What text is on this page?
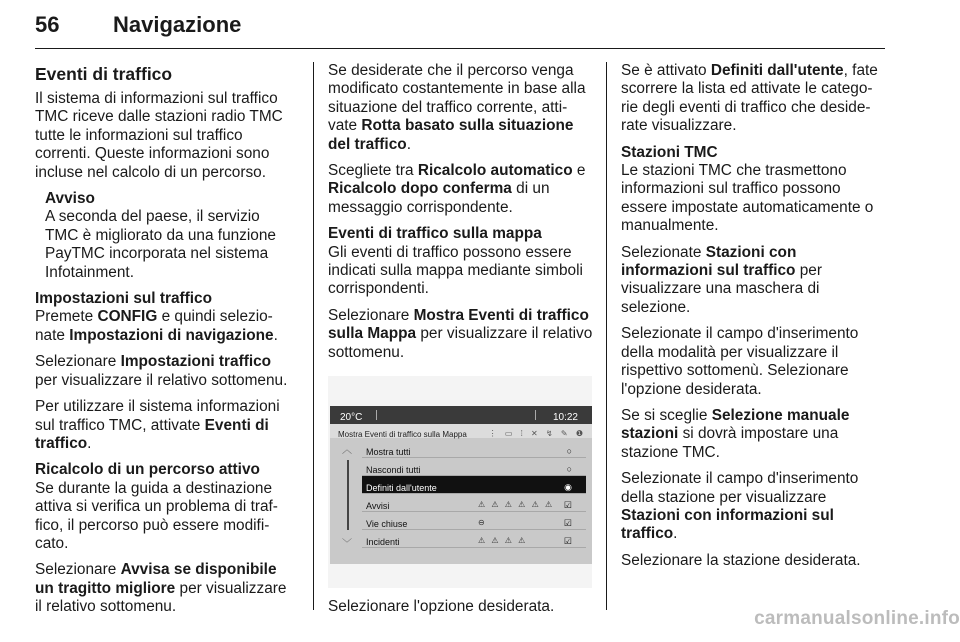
56 Navigazione
Eventi di traffico

Il sistema di informazioni sul traffico TMC riceve dalle stazioni radio TMC tutte le informazioni sul traffico correnti. Queste informazioni sono incluse nel calcolo di un percorso.

Avviso

A seconda del paese, il servizio TMC è migliorato da una funzione PayTMC incorporata nel sistema Infotainment.

Impostazioni sul traffico

Premete CONFIG e quindi selezio-nate Impostazioni di navigazione.

Selezionare Impostazioni traffico per visualizzare il relativo sottomenu.

Per utilizzare il sistema informazioni sul traffico TMC, attivate Eventi di traffico.

Ricalcolo di un percorso attivo

Se durante la guida a destinazione attiva si verifica un problema di traf-fico, il percorso può essere modifi-cato.

Selezionare Avvisa se disponibile un tragitto migliore per visualizzare il relativo sottomenu.

Se desiderate che il percorso venga modificato costantemente in base alla situazione del traffico corrente, atti-vate Rotta basato sulla situazione del traffico.

Scegliete tra Ricalcolo automatico e Ricalcolo dopo conferma di un messaggio corrispondente.

Eventi di traffico sulla mappa

Gli eventi di traffico possono essere indicati sulla mappa mediante simboli corrispondenti.

Selezionare Mostra Eventi di traffico sulla Mappa per visualizzare il relativo sottomenu.

20°C	10:22
Mostra Eventi di traffico sulla Mappa	⋮ ▭ ⁞ ✕ ↯ ✎ ❶
︿
﹀
Mostra tutti	○
Nascondi tutti	○
Definiti dall'utente	◉
Avvisi	⚠ ⚠ ⚠ ⚠ ⚠ ⚠ ☑
Vie chiuse	⊖	☑
Incidenti	⚠ ⚠ ⚠ ⚠	☑

Selezionare l'opzione desiderata.

Se è attivato Definiti dall'utente, fate scorrere la lista ed attivate le catego-rie degli eventi di traffico che deside-rate visualizzare.

Stazioni TMC

Le stazioni TMC che trasmettono informazioni sul traffico possono essere impostate automaticamente o manualmente.

Selezionate Stazioni con informazioni sul traffico per visualizzare una maschera di selezione.

Selezionate il campo d'inserimento della modalità per visualizzare il rispettivo sottomenù. Selezionare l'opzione desiderata.

Se si sceglie Selezione manuale stazioni si dovrà impostare una stazione TMC.

Selezionate il campo d'inserimento della stazione per visualizzare Stazioni con informazioni sul traffico.

Selezionare la stazione desiderata.

carmanualsonline.info
